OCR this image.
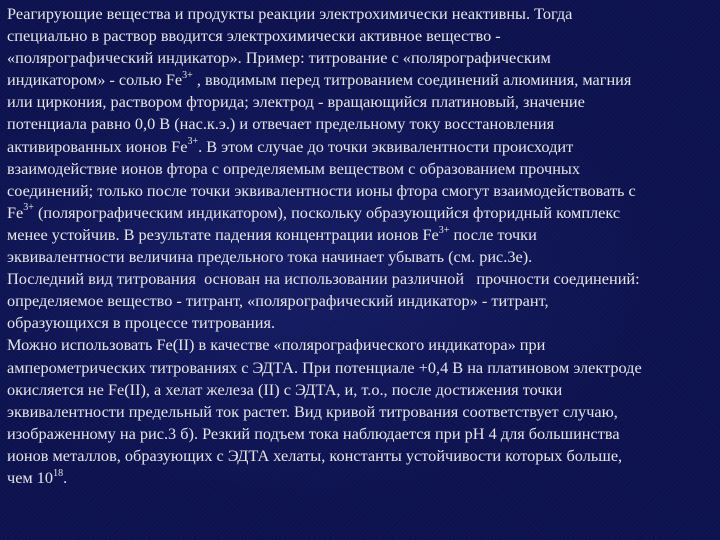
Реагирующие вещества и продукты реакции электрохимически неактивны. Тогда
специально в раствор вводится электрохимически активное вещество -
«полярографический индикатор». Пример: титрование с «полярографическим
индикатором» - солью $Fe^{3+}$ , вводимым перед титрованием соединений алюминия, магния
или циркония, раствором фторида; электрод - вращающийся платиновый, значение
потенциала равно 0,0 В (нас.к.э.) и отвечает предельному току восстановления
активированных ионов $Fe^{3+}$. В этом случае до точки эквивалентности происходит
взаимодействие ионов фтора с определяемым веществом с образованием прочных
соединений; только после точки эквивалентности ионы фтора смогут взаимодействовать с
$Fe^{3+}$ (полярографическим индикатором), поскольку образующийся фторидный комплекс
менее устойчив. В результате падения концентрации ионов $Fe^{3+}$ после точки
эквивалентности величина предельного тока начинает убывать (см. рис.3е).
Последний вид титрования  основан на использовании различной   прочности соединений:
определяемое вещество - титрант, «полярографический индикатор» - титрант,
образующихся в процессе титрования.
Можно использовать Fe(II) в качестве «полярографического индикатора» при
амперометрических титрованиях с ЭДТА. При потенциале +0,4 В на платиновом электроде
окисляется не Fe(II), а хелат железа (II) с ЭДТА, и, т.о., после достижения точки
эквивалентности предельный ток растет. Вид кривой титрования соответствует случаю,
изображенному на рис.3 б). Резкий подъем тока наблюдается при рН 4 для большинства
ионов металлов, образующих с ЭДТА хелаты, константы устойчивости которых больше,
чем $10^{18}$.
